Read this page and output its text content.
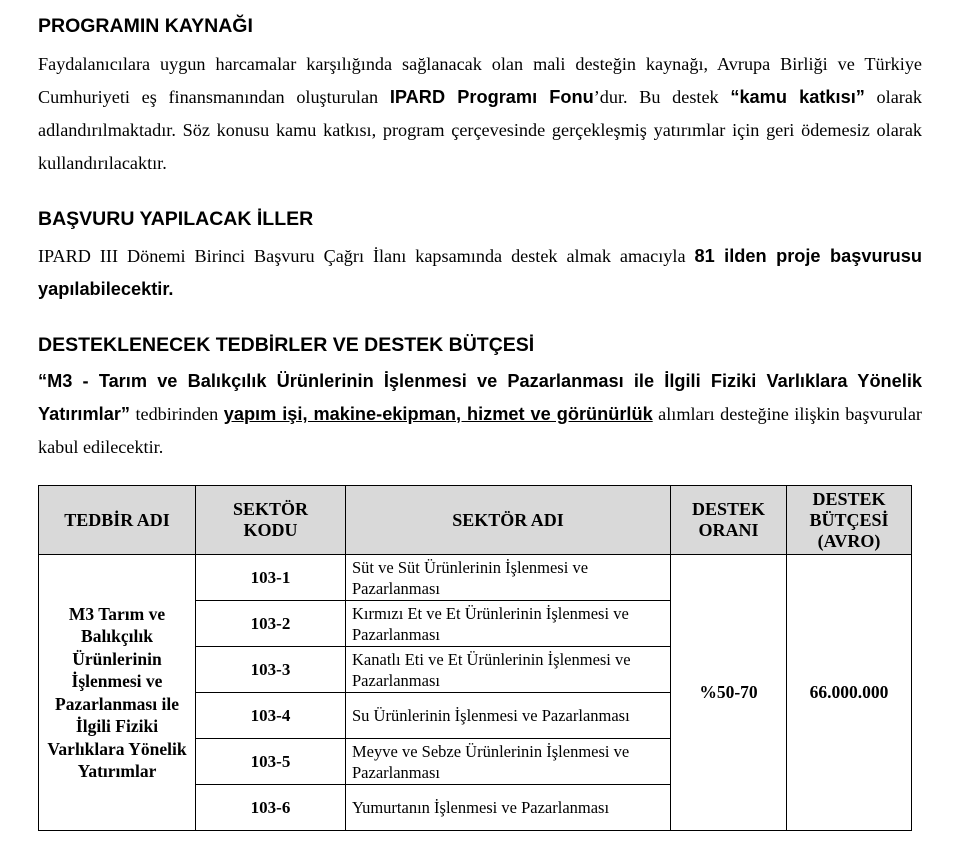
PROGRAMIN KAYNAĞI

Faydalanıcılara uygun harcamalar karşılığında sağlanacak olan mali desteğin kaynağı, Avrupa Birliği ve Türkiye Cumhuriyeti eş finansmanından oluşturulan IPARD Programı Fonu’dur. Bu destek “kamu katkısı” olarak adlandırılmaktadır. Söz konusu kamu katkısı, program çerçevesinde gerçekleşmiş yatırımlar için geri ödemesiz olarak kullandırılacaktır.

BAŞVURU YAPILACAK İLLER

IPARD III Dönemi Birinci Başvuru Çağrı İlanı kapsamında destek almak amacıyla 81 ilden proje başvurusu yapılabilecektir.

DESTEKLENECEK TEDBİRLER VE DESTEK BÜTÇESİ

“M3 - Tarım ve Balıkçılık Ürünlerinin İşlenmesi ve Pazarlanması ile İlgili Fiziki Varlıklara Yönelik Yatırımlar” tedbirinden yapım işi, makine-ekipman, hizmet ve görünürlük alımları desteğine ilişkin başvurular kabul edilecektir.

TEDBİR ADI	SEKTÖR KODU	SEKTÖR ADI	DESTEK ORANI	DESTEK BÜTÇESİ (AVRO)
M3 Tarım ve Balıkçılık Ürünlerinin İşlenmesi ve Pazarlanması ile İlgili Fiziki Varlıklara Yönelik Yatırımlar	103-1	Süt ve Süt Ürünlerinin İşlenmesi ve Pazarlanması	%50-70	66.000.000
	103-2	Kırmızı Et ve Et Ürünlerinin İşlenmesi ve Pazarlanması		
	103-3	Kanatlı Eti ve Et Ürünlerinin İşlenmesi ve Pazarlanması		
	103-4	Su Ürünlerinin İşlenmesi ve Pazarlanması		
	103-5	Meyve ve Sebze Ürünlerinin İşlenmesi ve Pazarlanması		
	103-6	Yumurtanın İşlenmesi ve Pazarlanması		
